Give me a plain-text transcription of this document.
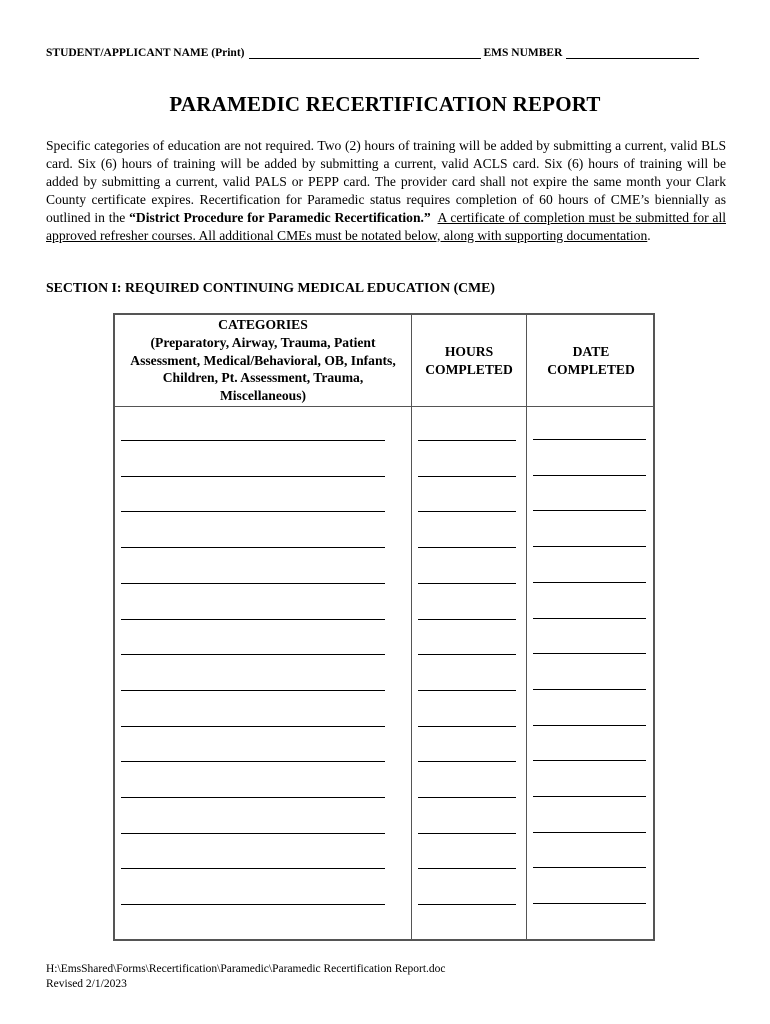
STUDENT/APPLICANT NAME (Print)	EMS NUMBER
PARAMEDIC RECERTIFICATION REPORT
Specific categories of education are not required. Two (2) hours of training will be added by submitting a current, valid BLS card. Six (6) hours of training will be added by submitting a current, valid ACLS card. Six (6) hours of training will be added by submitting a current, valid PALS or PEPP card. The provider card shall not expire the same month your Clark County certificate expires. Recertification for Paramedic status requires completion of 60 hours of CME’s biennially as outlined in the “District Procedure for Paramedic Recertification.” A certificate of completion must be submitted for all approved refresher courses. All additional CMEs must be notated below, along with supporting documentation.
SECTION I: REQUIRED CONTINUING MEDICAL EDUCATION (CME)
CATEGORIES
(Preparatory, Airway, Trauma, Patient Assessment, Medical/Behavioral, OB, Infants, Children, Pt. Assessment, Trauma, Miscellaneous)
HOURS COMPLETED
DATE COMPLETED
H:\EmsShared\Forms\Recertification\Paramedic\Paramedic Recertification Report.doc
Revised 2/1/2023
